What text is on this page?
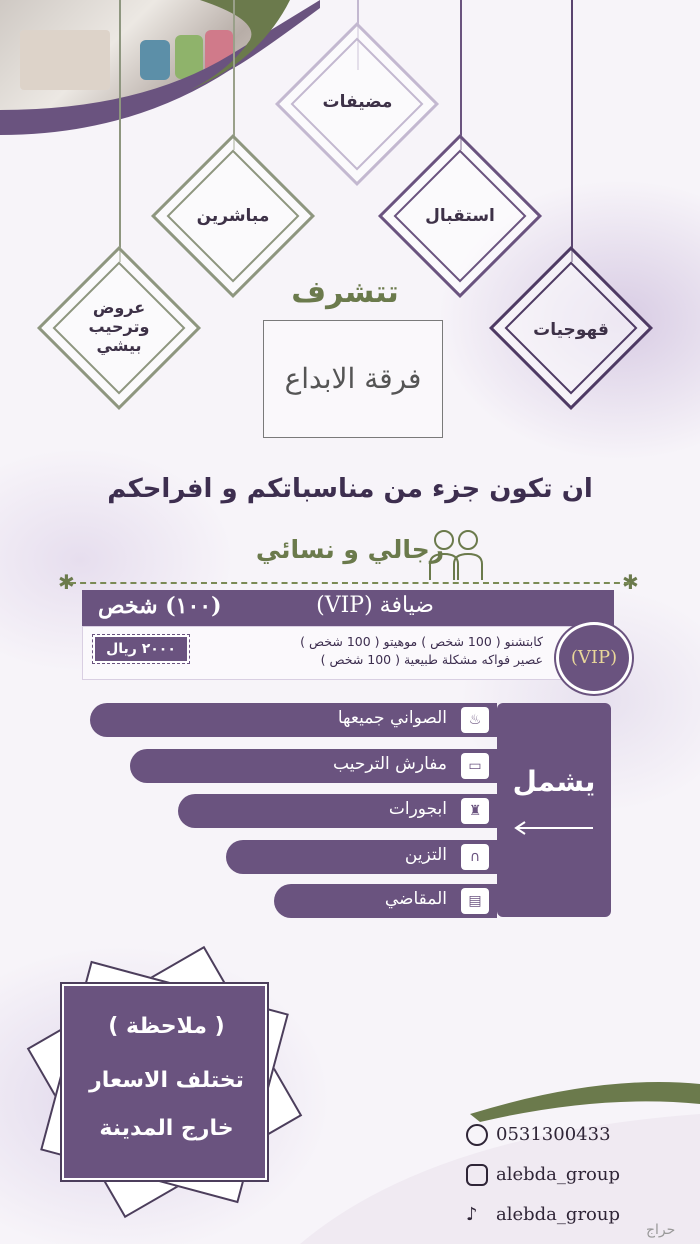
مضيفات
استقبال
مباشرين
قهوجيات
عروض وترحيب بيشي
تتشرف
فرقة الابداع
ان تكون جزء من مناسباتكم و افراحكم
رجالي و نسائي
✱	✱
ضيافة (VIP)
(١٠٠) شخص
كابتشنو ( 100 شخص ) موهيتو ( 100 شخص )
عصير فواكه مشكلة طبيعية ( 100 شخص )
٢٠٠٠ ريال	(VIP)
يشمل
♨
الصواني جميعها
▭
مفارش الترحيب
♜
ابجورات
∩
التزين
▤
المقاضي
( ملاحظة )
تختلف الاسعار
خارج المدينة	0531300433
alebda_group
♪ alebda_group
حراج
